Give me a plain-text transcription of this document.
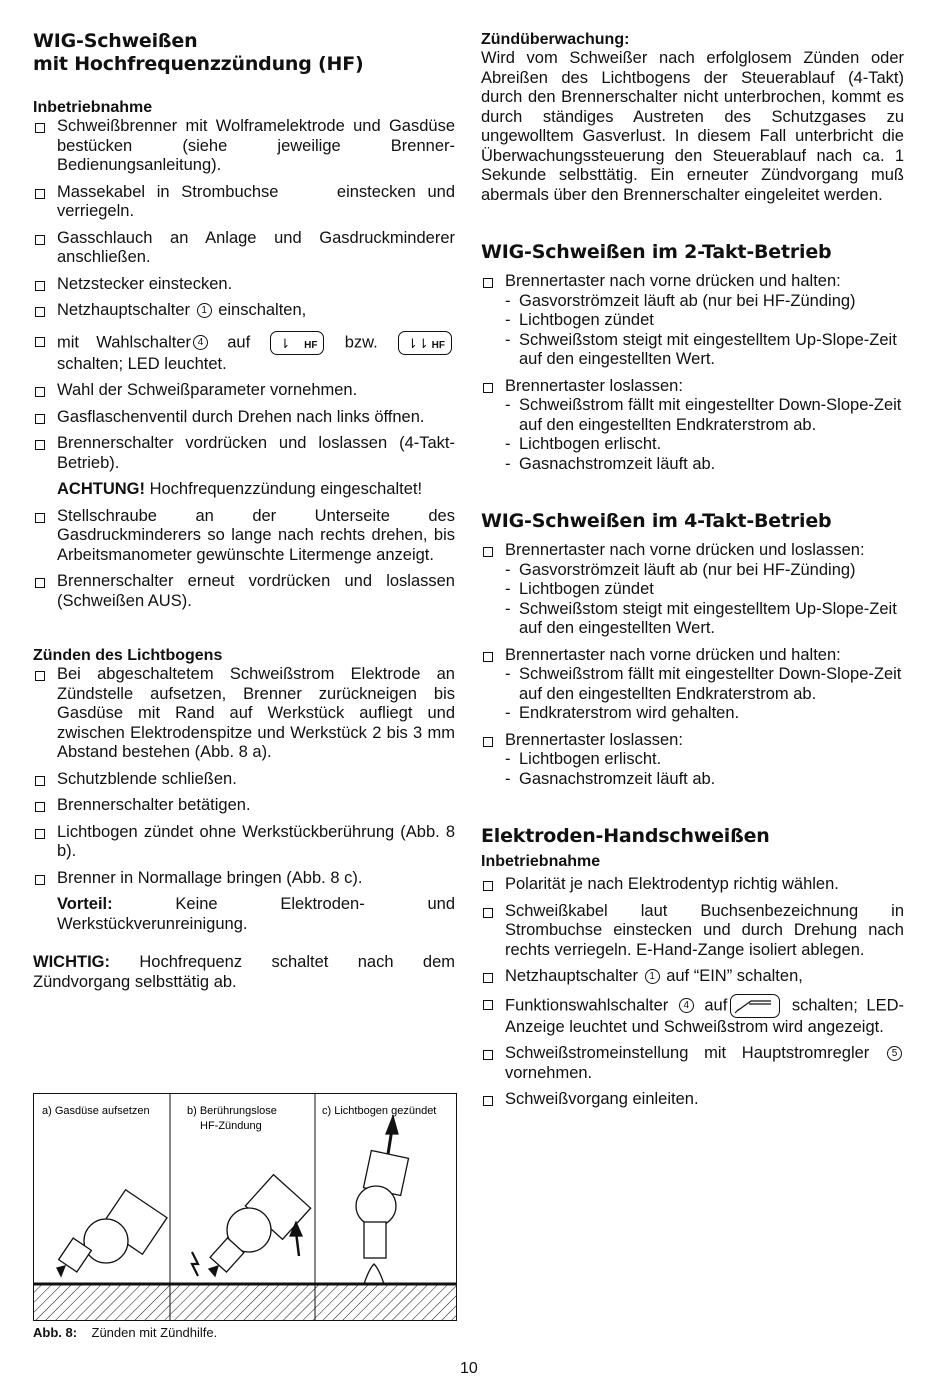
WIG-Schweißen
mit Hochfrequenzzündung (HF)
Inbetriebnahme
Schweißbrenner mit Wolframelektrode und Gasdüse bestücken (siehe jeweilige Brenner-Bedienungsanleitung).
Massekabel in Strombuchse     einstecken und verriegeln.
Gasschlauch an Anlage und Gasdruckminderer anschließen.
Netzstecker einstecken.
Netzhauptschalter 1 einschalten,
mit Wahlschalter 4 auf ⇂ HF bzw. ⇂⇂ HF
schalten; LED leuchtet.
Wahl der Schweißparameter vornehmen.
Gasflaschenventil durch Drehen nach links öffnen.
Brennerschalter vordrücken und loslassen (4-Takt-Betrieb).
ACHTUNG! Hochfrequenzzündung eingeschaltet!
Stellschraube an der Unterseite des Gasdruckminderers so lange nach rechts drehen, bis Arbeitsmanometer gewünschte Litermenge anzeigt.
Brennerschalter erneut vordrücken und loslassen (Schweißen AUS).
Zünden des Lichtbogens
Bei abgeschaltetem Schweißstrom Elektrode an Zündstelle aufsetzen, Brenner zurückneigen bis Gasdüse mit Rand auf Werkstück aufliegt und zwischen Elektrodenspitze und Werkstück 2 bis 3 mm Abstand bestehen (Abb. 8 a).
Schutzblende schließen.
Brennerschalter betätigen.
Lichtbogen zündet ohne Werkstückberührung (Abb. 8 b).
Brenner in Normallage bringen (Abb. 8 c).
Vorteil:	Keine Elektroden- und Werkstückverunreinigung.

WICHTIG: Hochfrequenz schaltet nach dem Zündvorgang selbsttätig ab.

a) Gasdüse aufsetzen	b) Berührungslose
HF-Zündung
c) Lichtbogen gezündet
Abb. 8: Zünden mit Zündhilfe.
Zündüberwachung:

Wird vom Schweißer nach erfolglosem Zünden oder Abreißen des Lichtbogens der Steuerablauf (4-Takt) durch den Brennerschalter nicht unterbrochen, kommt es durch ständiges Austreten des Schutzgases zu ungewolltem Gasverlust. In diesem Fall unterbricht die Überwachungssteuerung den Steuerablauf nach ca. 1 Sekunde selbsttätig. Ein erneuter Zündvorgang muß abermals über den Brennerschalter eingeleitet werden.

WIG-Schweißen im 2-Takt-Betrieb
Brennertaster nach vorne drücken und halten:
- Gasvorströmzeit läuft ab (nur bei HF-Zünding)
- Lichtbogen zündet
- Schweißstom steigt mit eingestelltem Up-Slope-Zeit auf den eingestellten Wert.
Brennertaster loslassen:
- Schweißstrom fällt mit eingestellter Down-Slope-Zeit auf den eingestellten Endkraterstrom ab.
- Lichtbogen erlischt.
- Gasnachstromzeit läuft ab.
WIG-Schweißen im 4-Takt-Betrieb
Brennertaster nach vorne drücken und loslassen:
- Gasvorströmzeit läuft ab (nur bei HF-Zünding)
- Lichtbogen zündet
- Schweißstom steigt mit eingestelltem Up-Slope-Zeit auf den eingestellten Wert.
Brennertaster nach vorne drücken und halten:
- Schweißstrom fällt mit eingestellter Down-Slope-Zeit auf den eingestellten Endkraterstrom ab.
- Endkraterstrom wird gehalten.
Brennertaster loslassen:
- Lichtbogen erlischt.
- Gasnachstromzeit läuft ab.
Elektroden-Handschweißen
Inbetriebnahme
Polarität je nach Elektrodentyp richtig wählen.
Schweißkabel laut Buchsenbezeichnung in Strombuchse einstecken und durch Drehung nach rechts verriegeln. E-Hand-Zange isoliert ablegen.
Netzhauptschalter 1 auf “EIN” schalten,
Funktionswahlschalter 4 auf	schalten; LED-Anzeige leuchtet und Schweißstrom wird angezeigt.
Schweißstromeinstellung mit Hauptstromregler 5 vornehmen.
Schweißvorgang einleiten.
10
